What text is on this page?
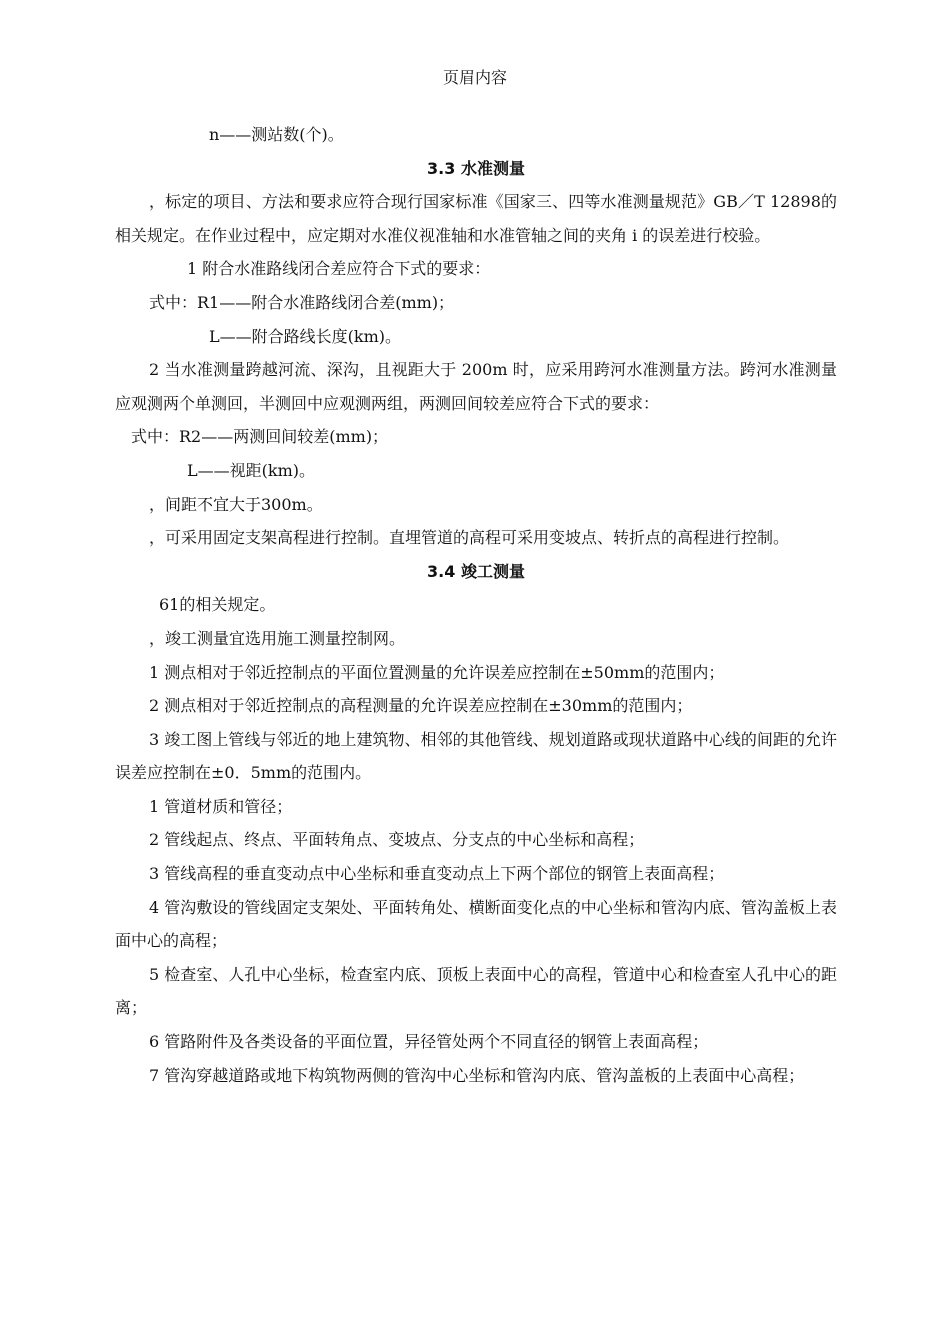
页眉内容

n——测站数(个)。

3.3 水准测量

，标定的项目、方法和要求应符合现行国家标准《国家三、四等水准测量规范》GB／T 12898的相关规定。在作业过程中，应定期对水准仪视准轴和水准管轴之间的夹角 i 的误差进行校验。

1 附合水准路线闭合差应符合下式的要求：

式中：R1——附合水准路线闭合差(mm)；

L——附合路线长度(km)。

2 当水准测量跨越河流、深沟，且视距大于 200m 时，应采用跨河水准测量方法。跨河水准测量应观测两个单测回，半测回中应观测两组，两测回间较差应符合下式的要求：

式中：R2——两测回间较差(mm)；

L——视距(km)。

，间距不宜大于300m。

，可采用固定支架高程进行控制。直埋管道的高程可采用变坡点、转折点的高程进行控制。

3.4 竣工测量

61的相关规定。

，竣工测量宜选用施工测量控制网。

1 测点相对于邻近控制点的平面位置测量的允许误差应控制在±50mm的范围内；

2 测点相对于邻近控制点的高程测量的允许误差应控制在±30mm的范围内；

3 竣工图上管线与邻近的地上建筑物、相邻的其他管线、规划道路或现状道路中心线的间距的允许误差应控制在±0．5mm的范围内。

1 管道材质和管径；

2 管线起点、终点、平面转角点、变坡点、分支点的中心坐标和高程；

3 管线高程的垂直变动点中心坐标和垂直变动点上下两个部位的钢管上表面高程；

4 管沟敷设的管线固定支架处、平面转角处、横断面变化点的中心坐标和管沟内底、管沟盖板上表面中心的高程；

5 检查室、人孔中心坐标，检查室内底、顶板上表面中心的高程，管道中心和检查室人孔中心的距离；

6 管路附件及各类设备的平面位置，异径管处两个不同直径的钢管上表面高程；

7 管沟穿越道路或地下构筑物两侧的管沟中心坐标和管沟内底、管沟盖板的上表面中心高程；
